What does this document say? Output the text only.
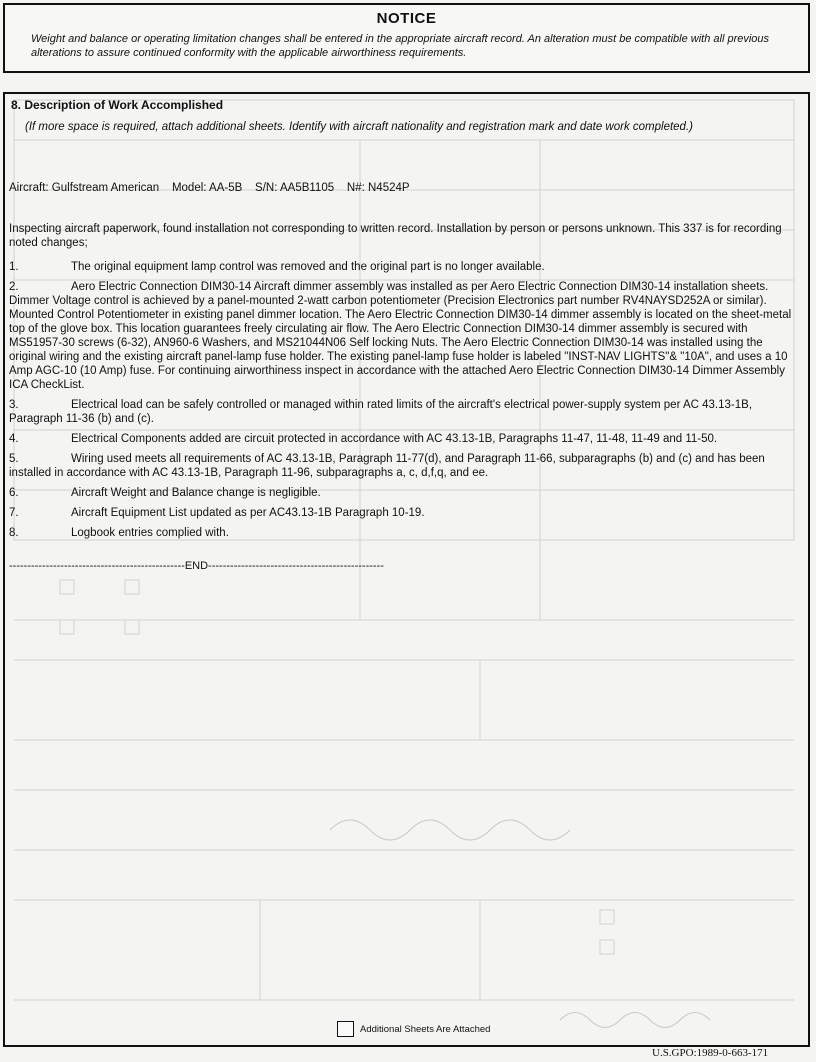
NOTICE
Weight and balance or operating limitation changes shall be entered in the appropriate aircraft record. An alteration must be compatible with all previous alterations to assure continued conformity with the applicable airworthiness requirements.
8. Description of Work Accomplished
(If more space is required, attach additional sheets. Identify with aircraft nationality and registration mark and date work completed.)
Aircraft: Gulfstream American    Model: AA-5B    S/N: AA5B1105    N#: N4524P
Inspecting aircraft paperwork, found installation not corresponding to written record. Installation by person or persons unknown. This 337 is for recording noted changes;
1.	The original equipment lamp control was removed and the original part is no longer available.
2.	Aero Electric Connection DIM30-14 Aircraft dimmer assembly was installed as per Aero Electric Connection DIM30-14 installation sheets. Dimmer Voltage control is achieved by a panel-mounted 2-watt carbon potentiometer (Precision Electronics part number RV4NAYSD252A or similar). Mounted Control Potentiometer in existing panel dimmer location. The Aero Electric Connection DIM30-14 dimmer assembly is located on the sheet-metal top of the glove box. This location guarantees freely circulating air flow. The Aero Electric Connection DIM30-14 dimmer assembly is secured with MS51957-30 screws (6-32), AN960-6 Washers, and MS21044N06 Self locking Nuts. The Aero Electric Connection DIM30-14 was installed using the original wiring and the existing aircraft panel-lamp fuse holder. The existing panel-lamp fuse holder is labeled "INST-NAV LIGHTS"& "10A", and uses a 10 Amp AGC-10 (10 Amp) fuse. For continuing airworthiness inspect in accordance with the attached Aero Electric Connection DIM30-14 Dimmer Assembly ICA CheckList.
3.	Electrical load can be safely controlled or managed within rated limits of the aircraft's electrical power-supply system per AC 43.13-1B, Paragraph 11-36 (b) and (c).
4.	Electrical Components added are circuit protected in accordance with AC 43.13-1B, Paragraphs 11-47, 11-48, 11-49 and 11-50.
5.	Wiring used meets all requirements of AC 43.13-1B, Paragraph 11-77(d), and Paragraph 11-66, subparagraphs (b) and (c) and has been installed in accordance with AC 43.13-1B, Paragraph 11-96, subparagraphs a, c, d,f,q, and ee.
6.	Aircraft Weight and Balance change is negligible.
7.	Aircraft Equipment List updated as per AC43.13-1B Paragraph 10-19.
8.	Logbook entries complied with.
------------------------------------------------END------------------------------------------------
Additional Sheets Are Attached
U.S.GPO:1989-0-663-171
